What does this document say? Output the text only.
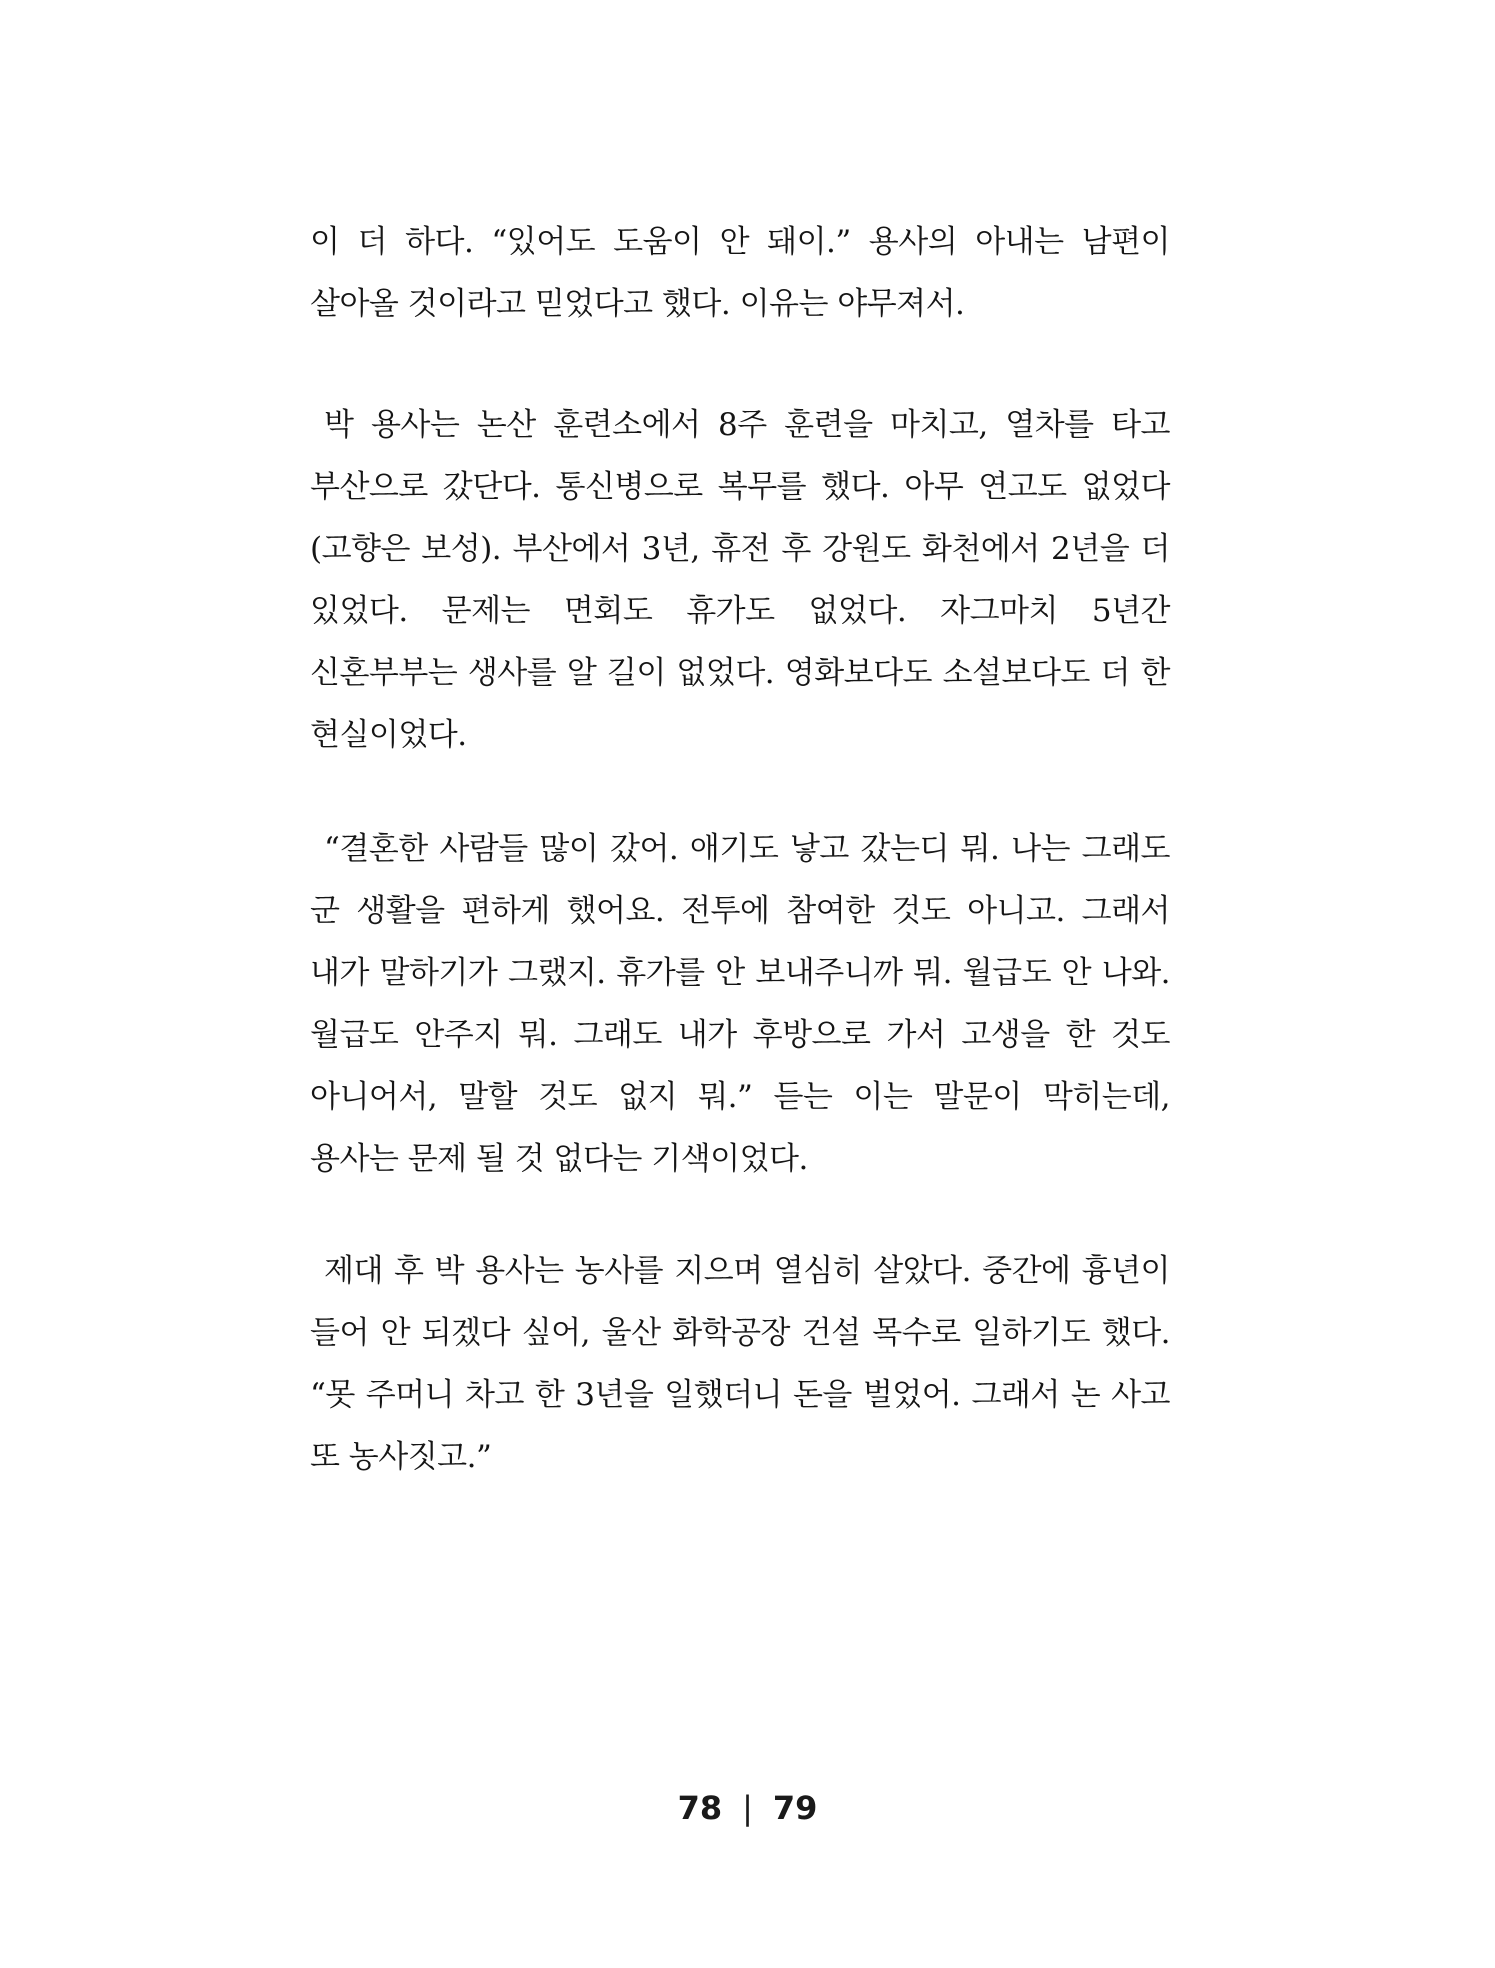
이 더 하다. “있어도 도움이 안 돼이.” 용사의 아내는 남편이 살아올 것이라고 믿었다고 했다. 이유는 야무져서.

박 용사는 논산 훈련소에서 8주 훈련을 마치고, 열차를 타고 부산으로 갔단다. 통신병으로 복무를 했다. 아무 연고도 없었다(고향은 보성). 부산에서 3년, 휴전 후 강원도 화천에서 2년을 더 있었다. 문제는 면회도 휴가도 없었다. 자그마치 5년간 신혼부부는 생사를 알 길이 없었다. 영화보다도 소설보다도 더 한 현실이었다.

“결혼한 사람들 많이 갔어. 애기도 낳고 갔는디 뭐. 나는 그래도 군 생활을 편하게 했어요. 전투에 참여한 것도 아니고. 그래서 내가 말하기가 그랬지. 휴가를 안 보내주니까 뭐. 월급도 안 나와. 월급도 안주지 뭐. 그래도 내가 후방으로 가서 고생을 한 것도 아니어서, 말할 것도 없지 뭐.” 듣는 이는 말문이 막히는데, 용사는 문제 될 것 없다는 기색이었다.

제대 후 박 용사는 농사를 지으며 열심히 살았다. 중간에 흉년이 들어 안 되겠다 싶어, 울산 화학공장 건설 목수로 일하기도 했다. “못 주머니 차고 한 3년을 일했더니 돈을 벌었어. 그래서 논 사고 또 농사짓고.”

78 | 79
